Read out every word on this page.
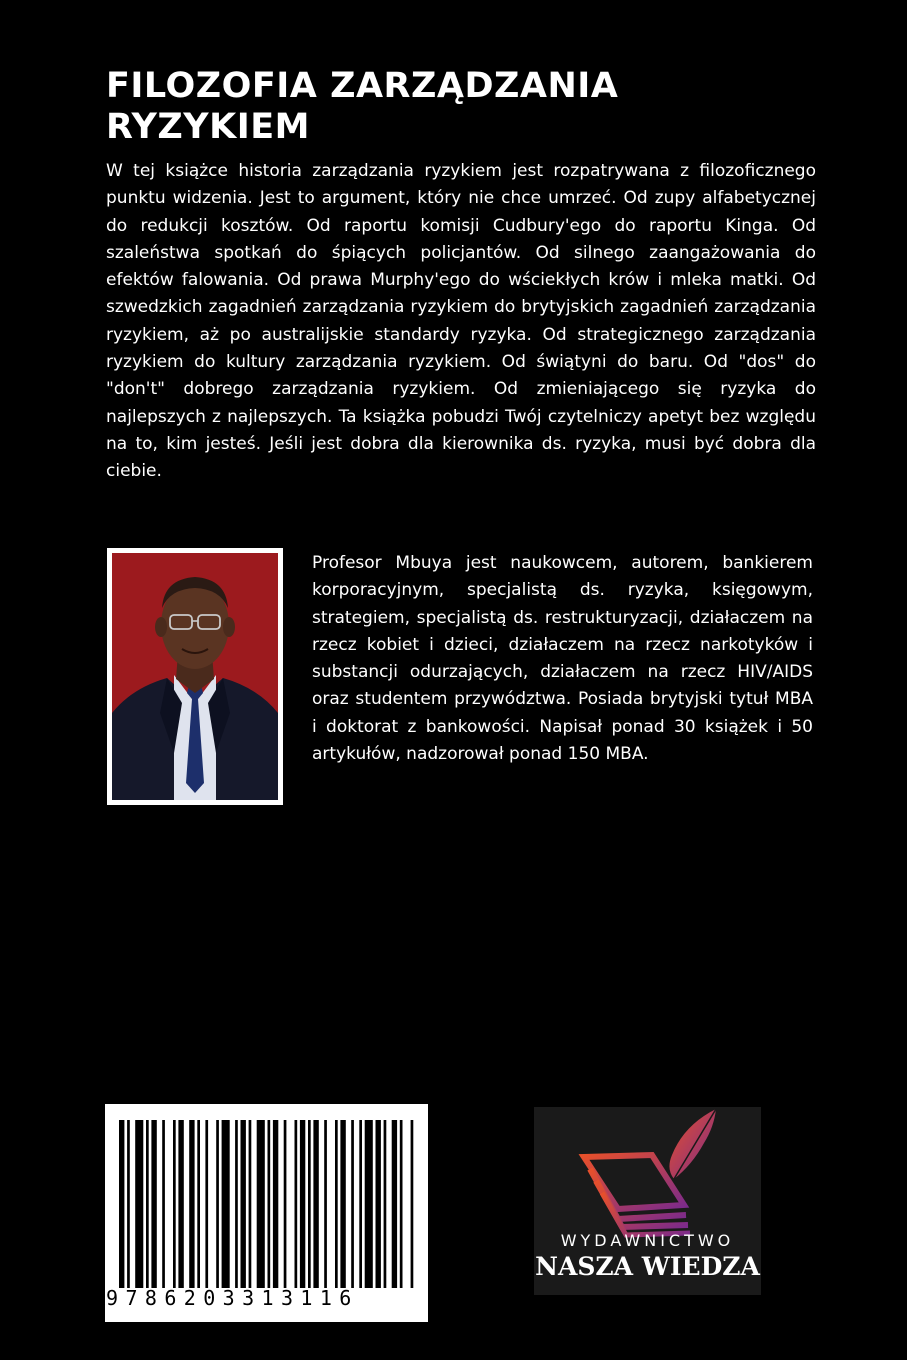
FILOZOFIA ZARZĄDZANIA RYZYKIEM

W tej książce historia zarządzania ryzykiem jest rozpatrywana z filozoficznego punktu widzenia. Jest to argument, który nie chce umrzeć. Od zupy alfabetycznej do redukcji kosztów. Od raportu komisji Cudbury'ego do raportu Kinga. Od szaleństwa spotkań do śpiących policjantów. Od silnego zaangażowania do efektów falowania. Od prawa Murphy'ego do wściekłych krów i mleka matki. Od szwedzkich zagadnień zarządzania ryzykiem do brytyjskich zagadnień zarządzania ryzykiem, aż po australijskie standardy ryzyka. Od strategicznego zarządzania ryzykiem do kultury zarządzania ryzykiem. Od świątyni do baru. Od "dos" do "don't" dobrego zarządzania ryzykiem. Od zmieniającego się ryzyka do najlepszych z najlepszych. Ta książka pobudzi Twój czytelniczy apetyt bez względu na to, kim jesteś. Jeśli jest dobra dla kierownika ds. ryzyka, musi być dobra dla ciebie.

Profesor Mbuya jest naukowcem, autorem, bankierem korporacyjnym, specjalistą ds. ryzyka, księgowym, strategiem, specjalistą ds. restrukturyzacji, działaczem na rzecz kobiet i dzieci, działaczem na rzecz narkotyków i substancji odurzających, działaczem na rzecz HIV/AIDS oraz studentem przywództwa. Posiada brytyjski tytuł MBA i doktorat z bankowości. Napisał ponad 30 książek i 50 artykułów, nadzorował ponad 150 MBA.

9786203313116
WYDAWNICTWO
NASZA WIEDZA
